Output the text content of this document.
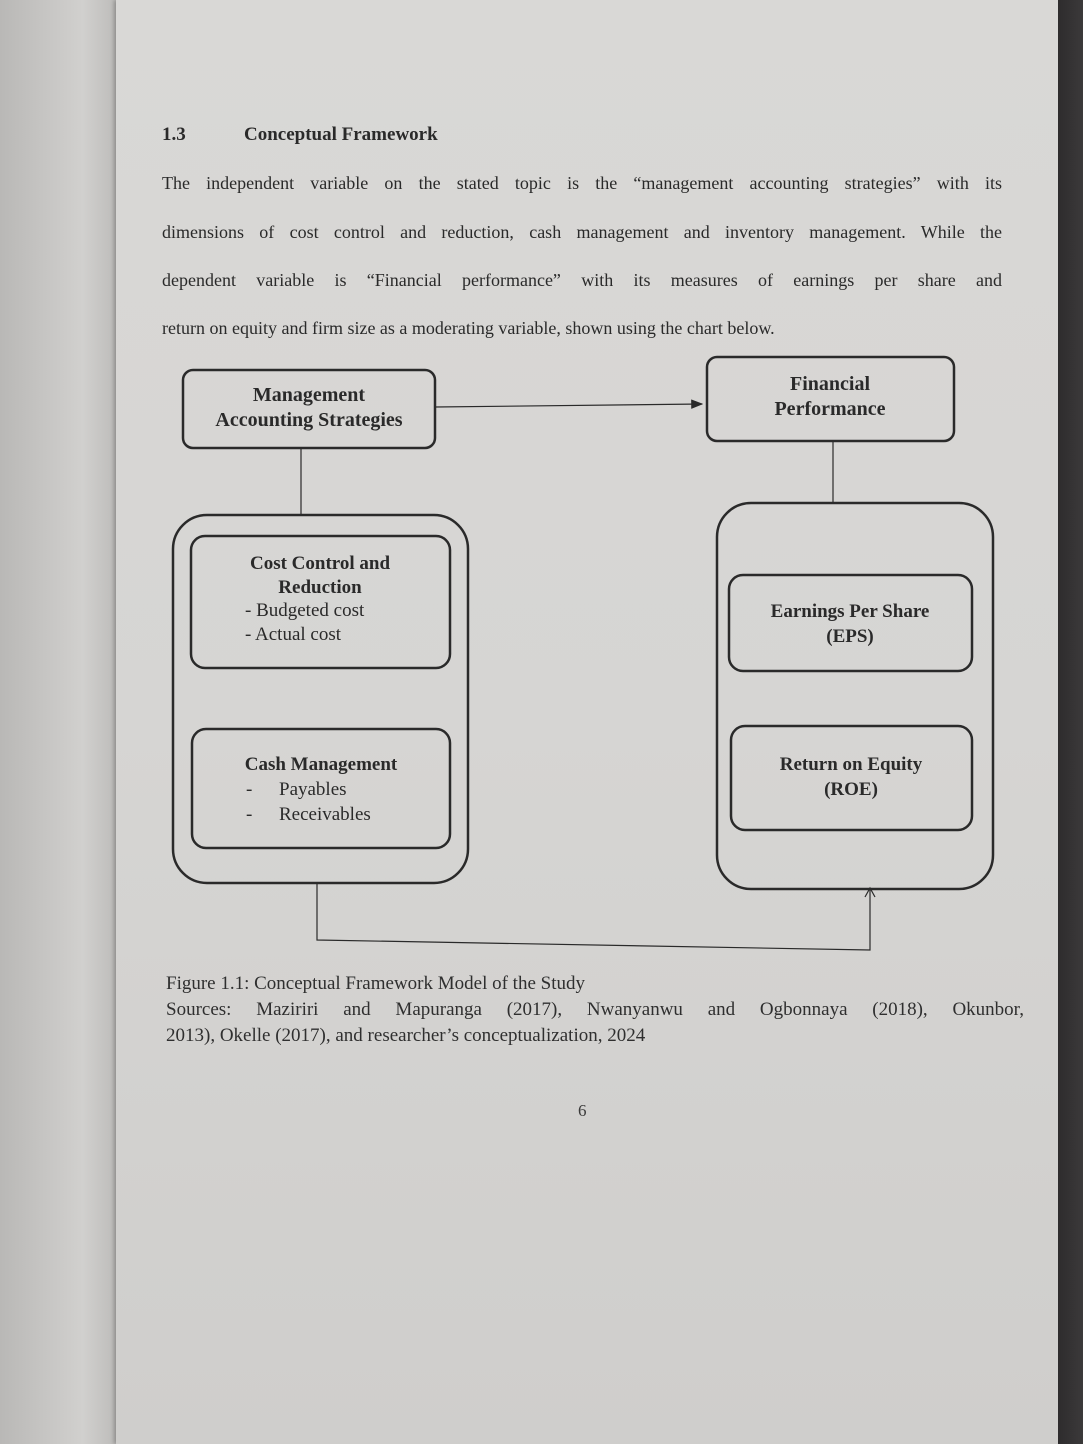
1.3	Conceptual Framework
The independent variable on the stated topic is the “management accounting strategies” with its
dimensions of cost control and reduction, cash management and inventory management. While the
dependent variable is “Financial performance” with its measures of earnings per share and
return on equity and firm size as a moderating variable, shown using the chart below.
Management
Accounting Strategies
Financial
Performance
Cost Control and
Reduction
- Budgeted cost
- Actual cost
Cash Management
- Payables
- Receivables
Earnings Per Share
(EPS)
Return on Equity
(ROE)
Figure 1.1: Conceptual Framework Model of the Study
Sources: Maziriri and Mapuranga (2017), Nwanyanwu and Ogbonnaya (2018), Okunbor,
2013), Okelle (2017), and researcher’s conceptualization, 2024
6
